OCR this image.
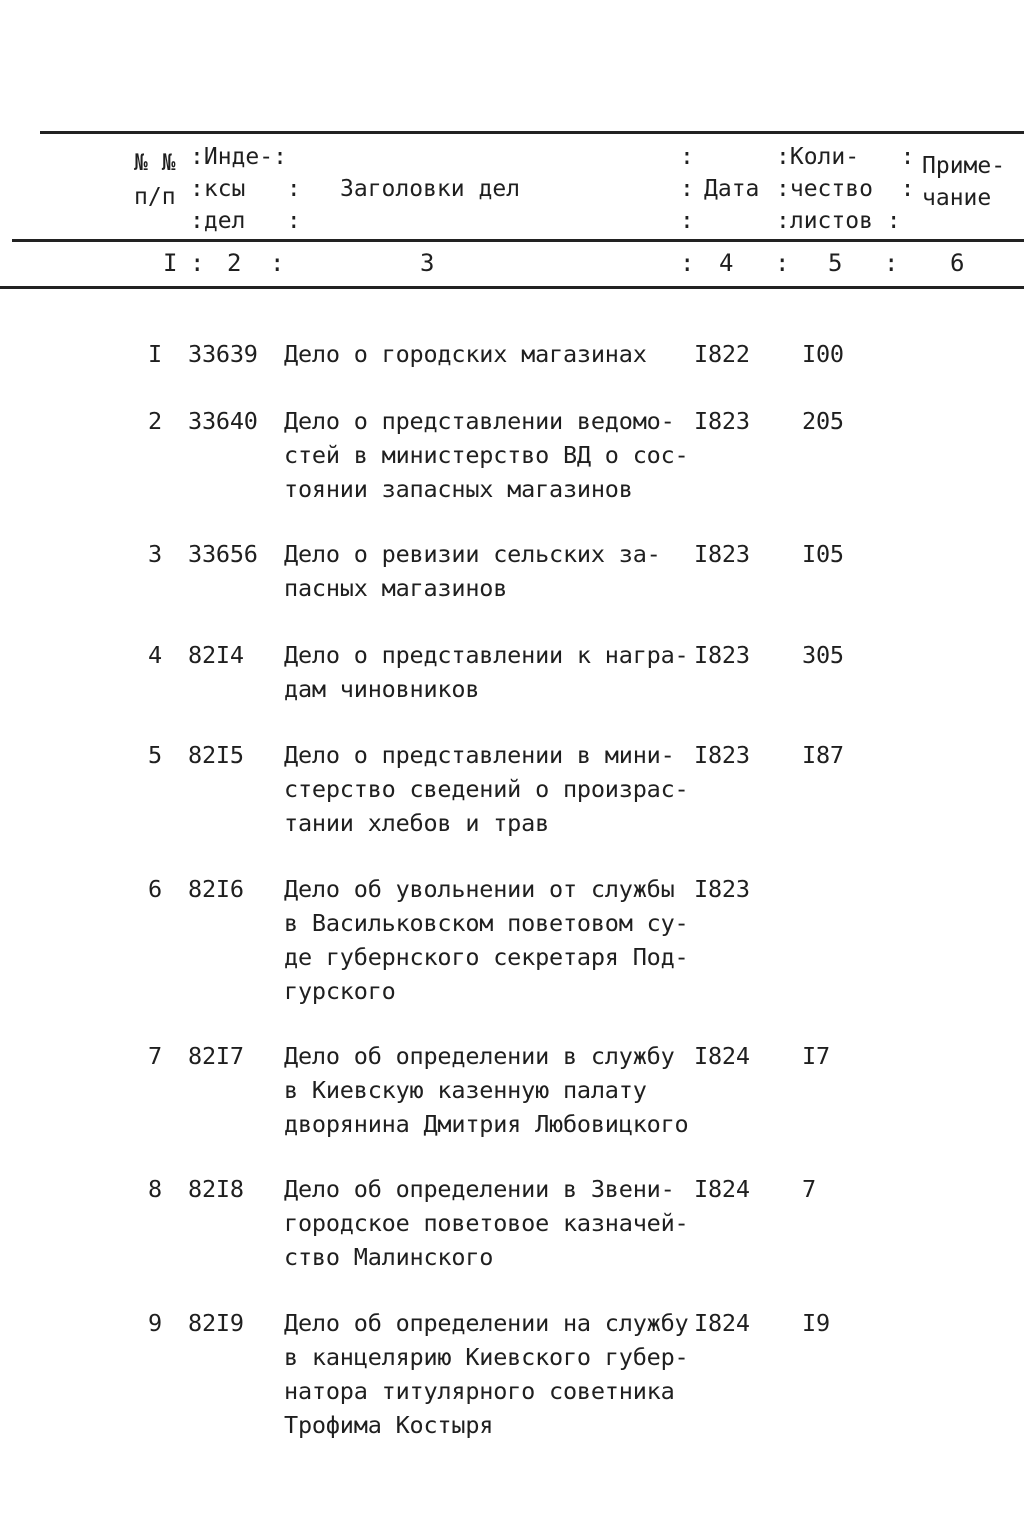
№ №
п/п
:Инде-:
:ксы   :
:дел   :
Заголовки дел
:
:
:
Дата
:Коли-   :
:чество  :
:листов :
Приме-
чание
I : 2 :	3	: 4 : 5 : 6
I 33639 Дело о городских магазинах I822 I00
2 33640 Дело о представлении ведомо-
стей в министерство ВД о сос-
тоянии запасных магазинов
I823 205
3 33656 Дело о ревизии сельских за-
пасных магазинов
I823 I05
4 82I4 Дело о представлении к награ-
дам чиновников
I823 305
5 82I5 Дело о представлении в мини-
стерство сведений о произрас-
тании хлебов и трав
I823 I87
6 82I6 Дело об увольнении от службы
в Васильковском поветовом су-
де губернского секретаря Под-
гурского
I823
7 82I7 Дело об определении в службу
в Киевскую казенную палату
дворянина Дмитрия Любовицкого
I824 I7
8 82I8 Дело об определении в Звени-
городское поветовое казначей-
ство Малинского
I824 7
9 82I9 Дело об определении на службу
в канцелярию Киевского губер-
натора титулярного советника
Трофима Костыря
I824 I9
